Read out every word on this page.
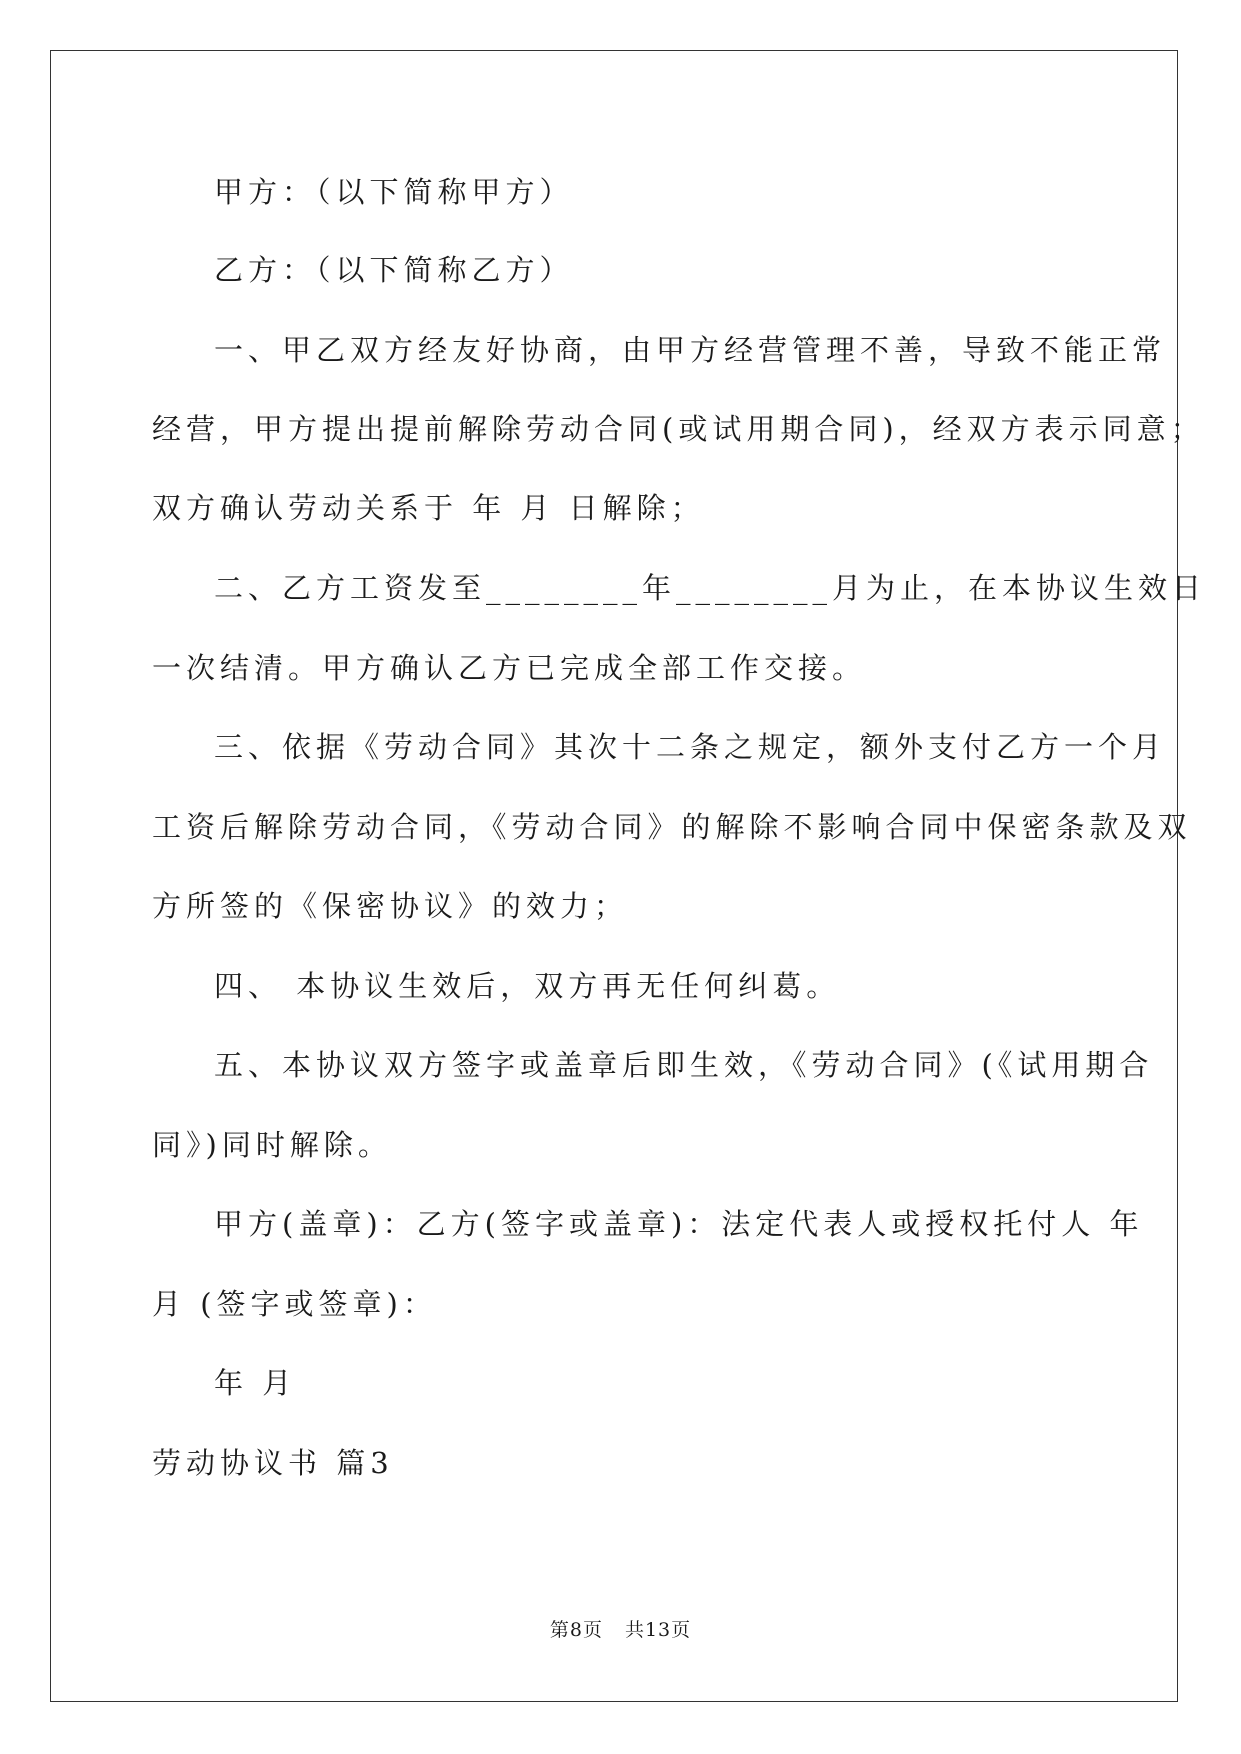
甲方：（以下简称甲方）
乙方：（以下简称乙方）
一、甲乙双方经友好协商，由甲方经营管理不善，导致不能正常
经营，甲方提出提前解除劳动合同(或试用期合同)，经双方表示同意；
双方确认劳动关系于 年 月 日解除；
二、乙方工资发至________年________月为止，在本协议生效日
一次结清。甲方确认乙方已完成全部工作交接。
三、依据《劳动合同》其次十二条之规定，额外支付乙方一个月
工资后解除劳动合同，《劳动合同》的解除不影响合同中保密条款及双
方所签的《保密协议》的效力；
四、 本协议生效后，双方再无任何纠葛。
五、本协议双方签字或盖章后即生效，《劳动合同》(《试用期合
同》)同时解除。
甲方(盖章)：乙方(签字或盖章)：法定代表人或授权托付人 年
月 (签字或签章)：
年 月
劳动协议书 篇3
第8页 共13页
